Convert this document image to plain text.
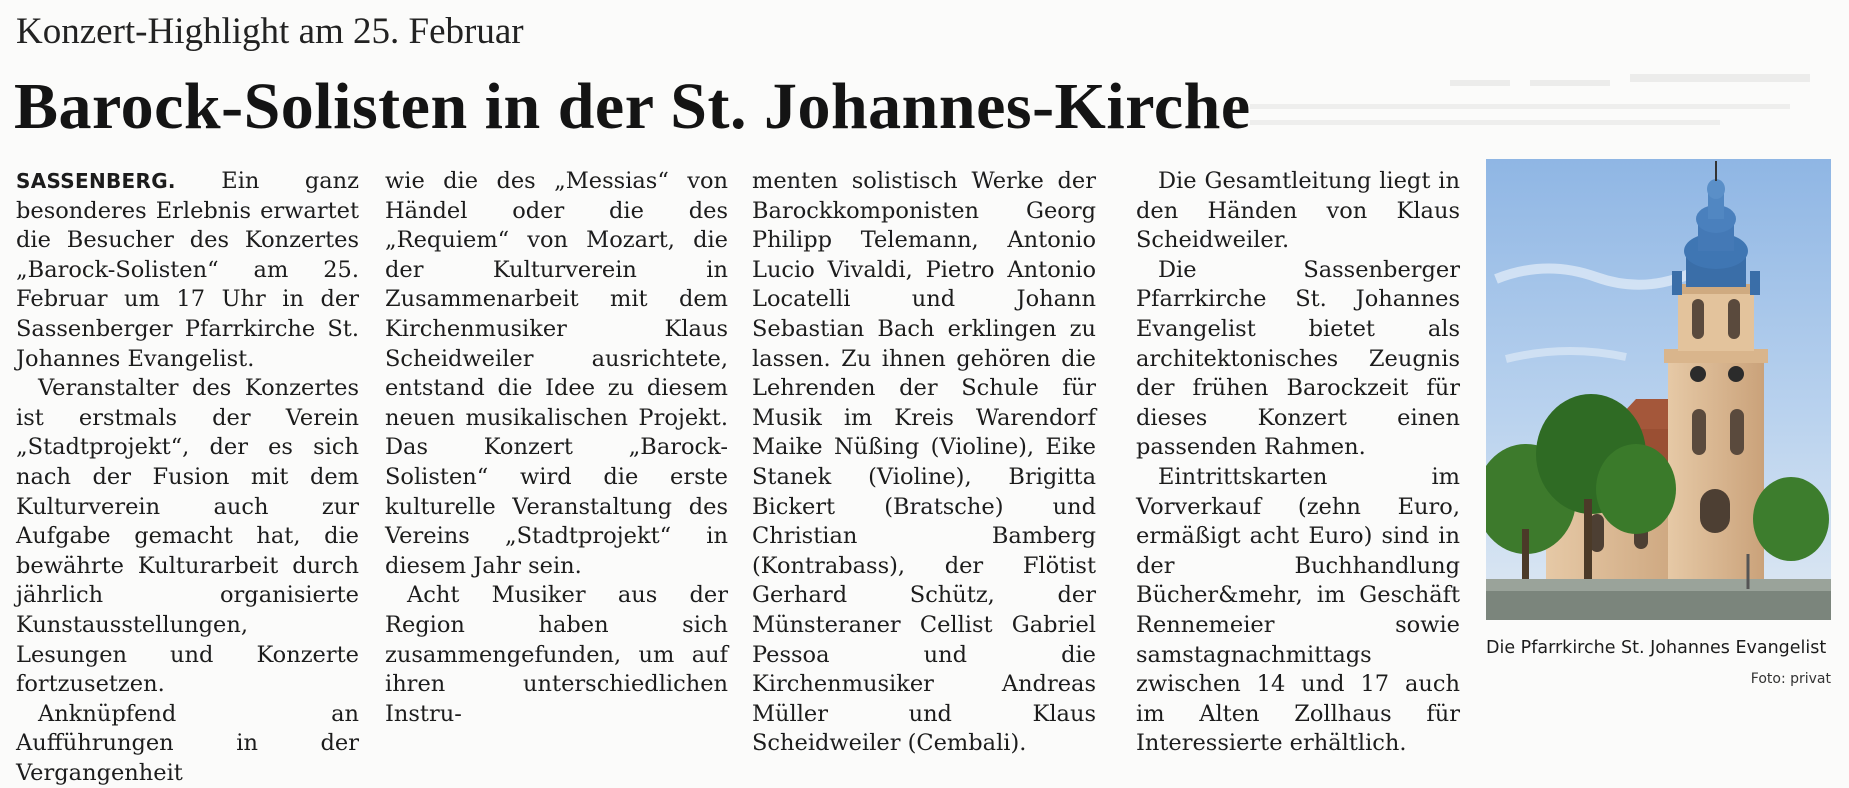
Konzert-Highlight am 25. Februar
Barock-Solisten in der St. Johannes-Kirche

SASSENBERG. Ein ganz besonderes Erlebnis erwartet die Besucher des Konzertes „Barock-Solisten“ am 25. Februar um 17 Uhr in der Sassenberger Pfarrkirche St. Johannes Evangelist.

Veranstalter des Konzertes ist erstmals der Verein „Stadtprojekt“, der es sich nach der Fusion mit dem Kulturverein auch zur Aufgabe gemacht hat, die bewährte Kulturarbeit durch jährlich organisierte Kunstausstellungen, Lesungen und Konzerte fortzusetzen.

Anknüpfend an Aufführungen in der Vergangenheit

wie die des „Messias“ von Händel oder die des „Requiem“ von Mozart, die der Kulturverein in Zusammenarbeit mit dem Kirchenmusiker Klaus Scheidweiler ausrichtete, entstand die Idee zu diesem neuen musikalischen Projekt. Das Konzert „Barock-Solisten“ wird die erste kulturelle Veranstaltung des Vereins „Stadtprojekt“ in diesem Jahr sein.

Acht Musiker aus der Region haben sich zusammengefunden, um auf ihren unterschiedlichen Instru-

menten solistisch Werke der Barockkomponisten Georg Philipp Telemann, Antonio Lucio Vivaldi, Pietro Antonio Locatelli und Johann Sebastian Bach erklingen zu lassen. Zu ihnen gehören die Lehrenden der Schule für Musik im Kreis Warendorf Maike Nüßing (Violine), Eike Stanek (Violine), Brigitta Bickert (Bratsche) und Christian Bamberg (Kontrabass), der Flötist Gerhard Schütz, der Münsteraner Cellist Gabriel Pessoa und die Kirchenmusiker Andreas Müller und Klaus Scheidweiler (Cembali).

Die Gesamtleitung liegt in den Händen von Klaus Scheidweiler.

Die Sassenberger Pfarrkirche St. Johannes Evangelist bietet als architektonisches Zeugnis der frühen Barockzeit für dieses Konzert einen passenden Rahmen.

Eintrittskarten im Vorverkauf (zehn Euro, ermäßigt acht Euro) sind in der Buchhandlung Bücher&mehr, im Geschäft Rennemeier sowie samstagnachmittags zwischen 14 und 17 auch im Alten Zollhaus für Interessierte erhältlich.

Die Pfarrkirche St. Johannes Evangelist
Foto: privat
